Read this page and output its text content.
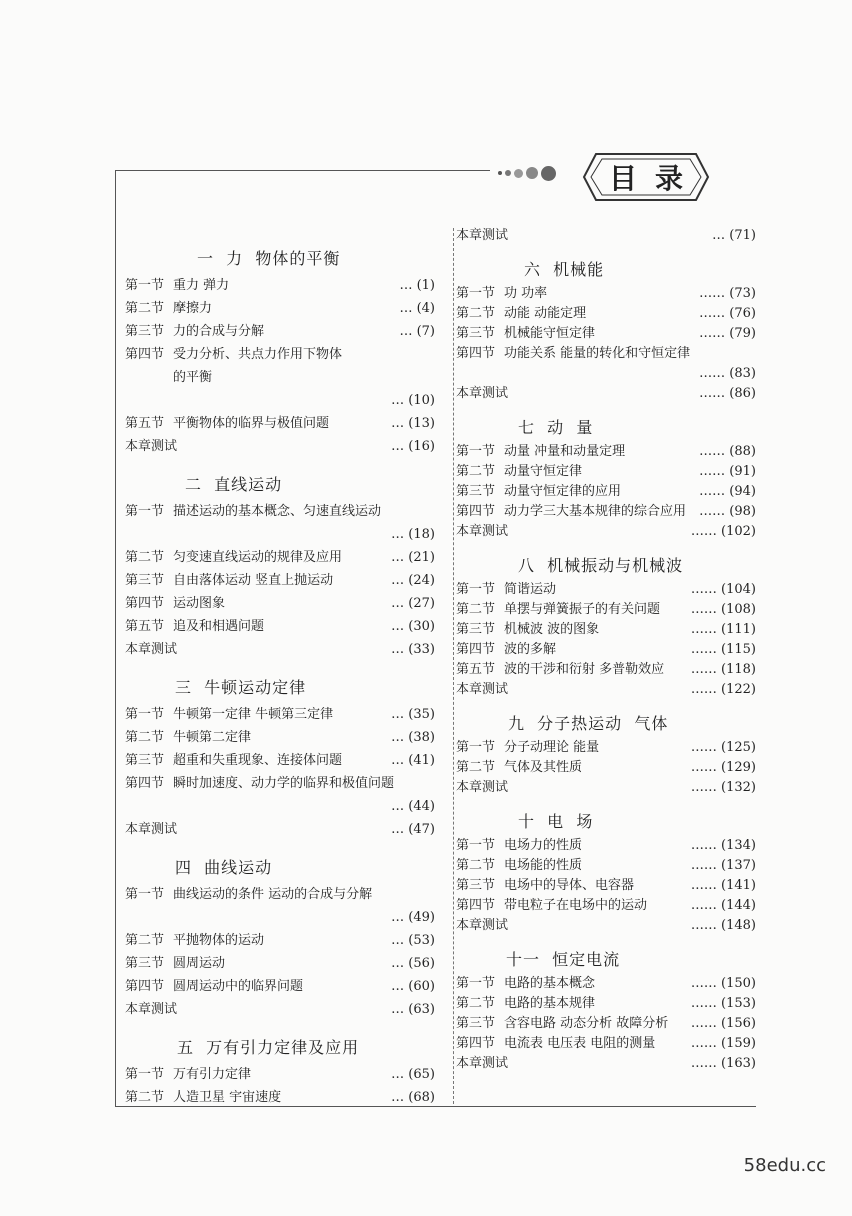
目录
一  力  物体的平衡
第一节 重力 弹力	… (1)
第二节 摩擦力	… (4)
第三节 力的合成与分解	… (7)
第四节 受力分析、共点力作用下物体
的平衡
… (10)
第五节 平衡物体的临界与极值问题	… (13)
本章测试	… (16)
二  直线运动
第一节 描述运动的基本概念、匀速直线运动
… (18)
第二节 匀变速直线运动的规律及应用	… (21)
第三节 自由落体运动 竖直上抛运动	… (24)
第四节 运动图象	… (27)
第五节 追及和相遇问题	… (30)
本章测试	… (33)
三  牛顿运动定律
第一节 牛顿第一定律 牛顿第三定律	… (35)
第二节 牛顿第二定律	… (38)
第三节 超重和失重现象、连接体问题	… (41)
第四节 瞬时加速度、动力学的临界和极值问题
… (44)
本章测试	… (47)
四  曲线运动
第一节 曲线运动的条件 运动的合成与分解
… (49)
第二节 平抛物体的运动	… (53)
第三节 圆周运动	… (56)
第四节 圆周运动中的临界问题	… (60)
本章测试	… (63)
五  万有引力定律及应用
第一节 万有引力定律	… (65)
第二节 人造卫星 宇宙速度	… (68)
本章测试	… (71)
六  机械能
第一节 功 功率	…… (73)
第二节 动能 动能定理	…… (76)
第三节 机械能守恒定律	…… (79)
第四节 功能关系 能量的转化和守恒定律
…… (83)
本章测试	…… (86)
七  动  量
第一节 动量 冲量和动量定理	…… (88)
第二节 动量守恒定律	…… (91)
第三节 动量守恒定律的应用	…… (94)
第四节 动力学三大基本规律的综合应用 …… (98)
本章测试	…… (102)
八  机械振动与机械波
第一节 简谐运动	…… (104)
第二节 单摆与弹簧振子的有关问题 …… (108)
第三节 机械波 波的图象	…… (111)
第四节 波的多解	…… (115)
第五节 波的干涉和衍射 多普勒效应 …… (118)
本章测试	…… (122)
九  分子热运动  气体
第一节 分子动理论 能量	…… (125)
第二节 气体及其性质	…… (129)
本章测试	…… (132)
十  电  场
第一节 电场力的性质	…… (134)
第二节 电场能的性质	…… (137)
第三节 电场中的导体、电容器	…… (141)
第四节 带电粒子在电场中的运动	…… (144)
本章测试	…… (148)
十一  恒定电流
第一节 电路的基本概念	…… (150)
第二节 电路的基本规律	…… (153)
第三节 含容电路 动态分析 故障分析 …… (156)
第四节 电流表 电压表 电阻的测量	…… (159)
本章测试	…… (163)
58edu.cc
